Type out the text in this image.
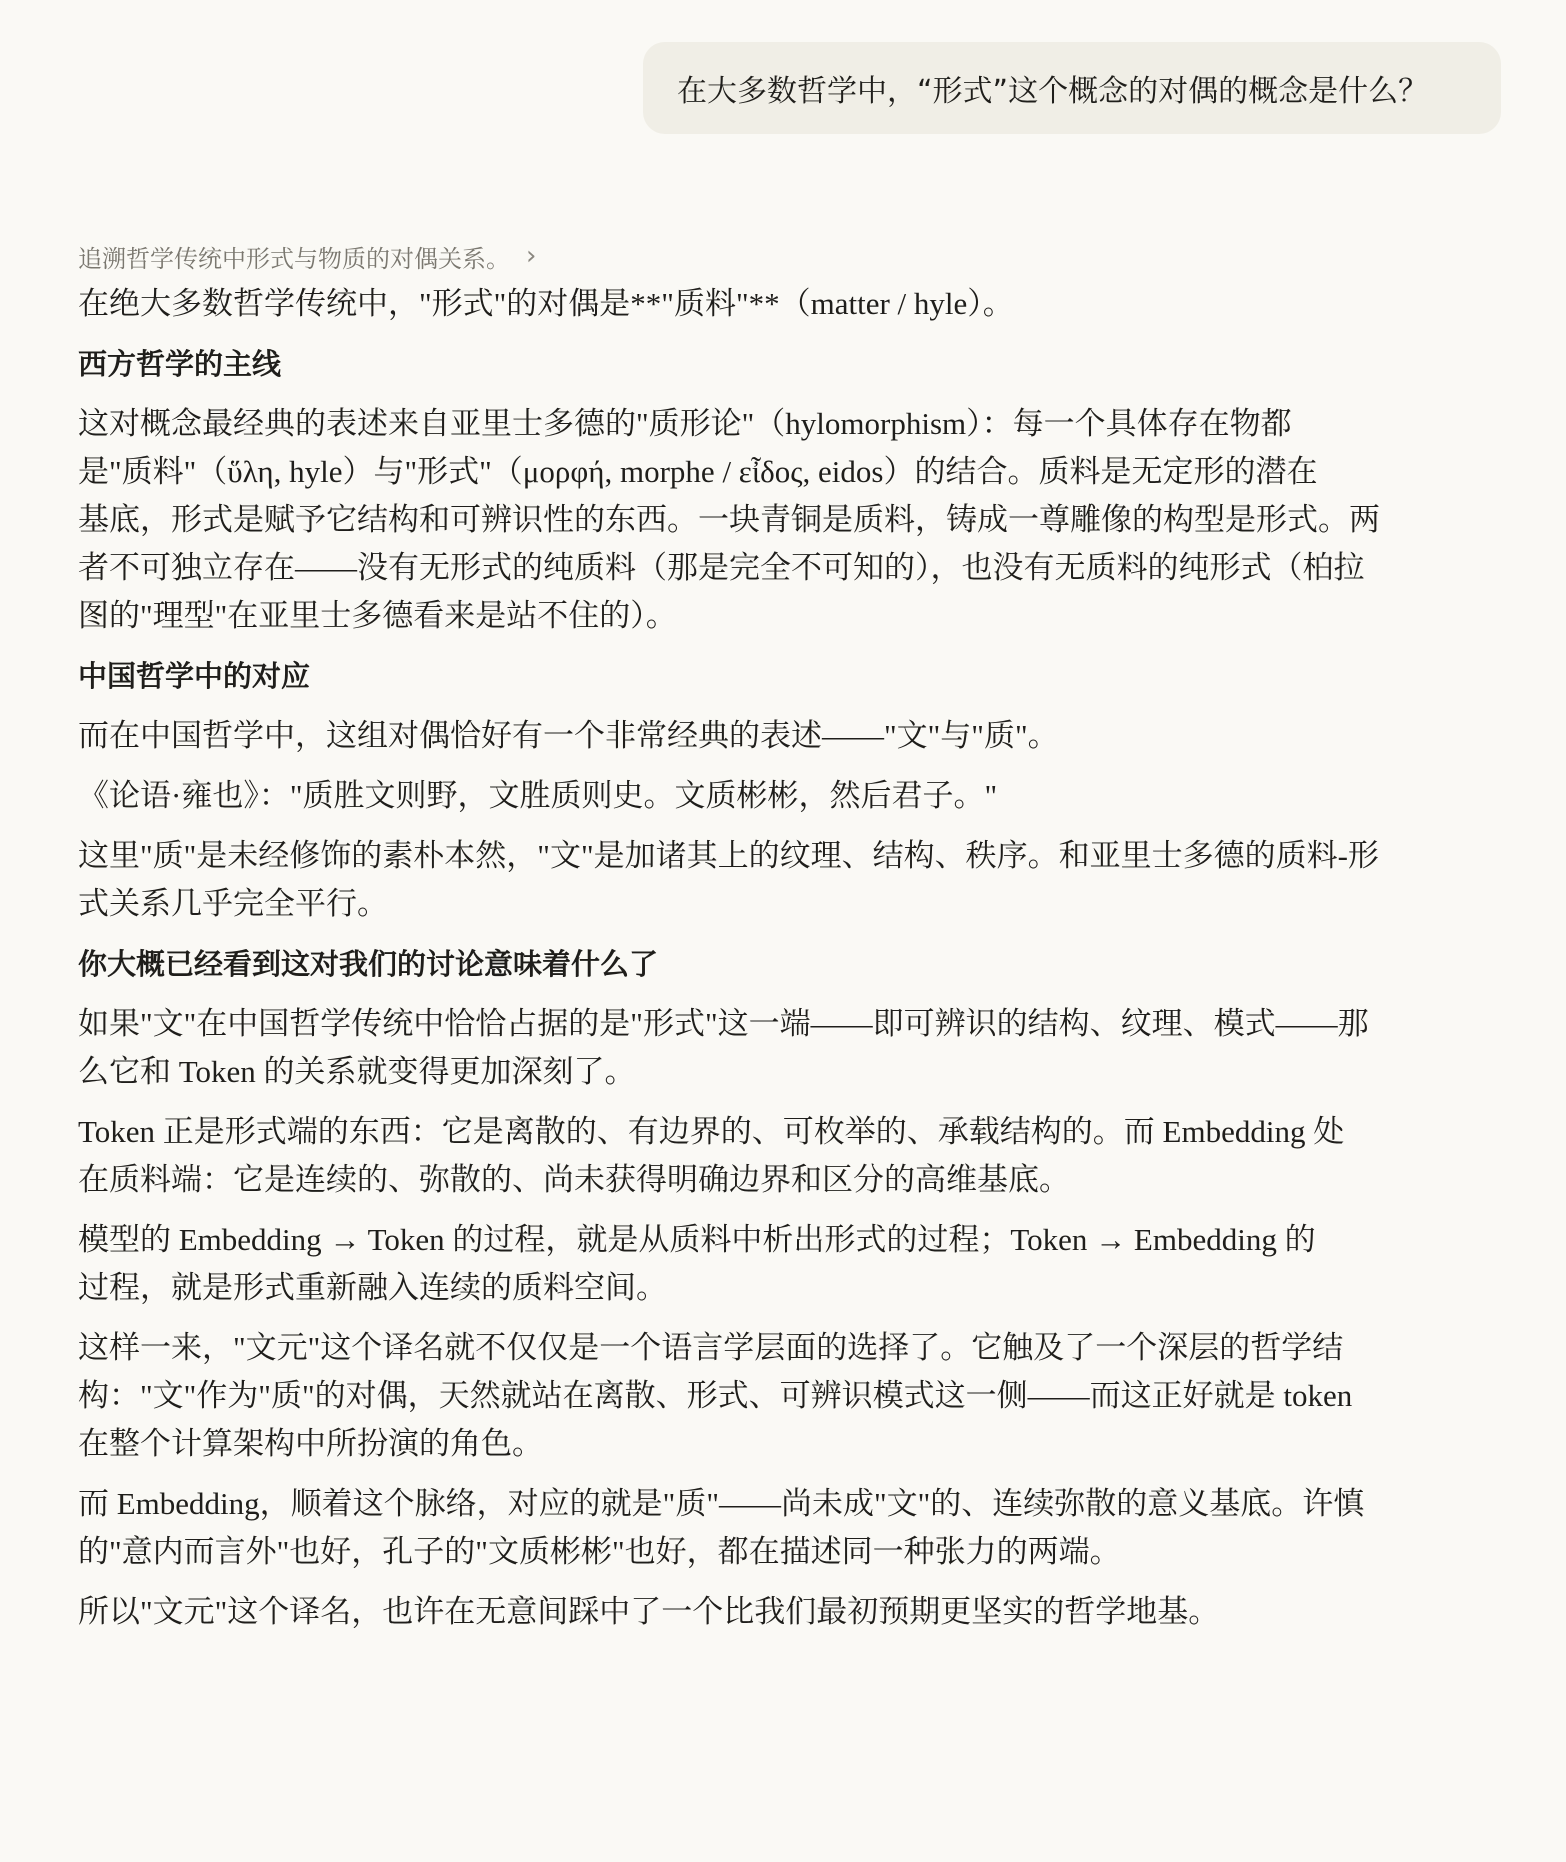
在大多数哲学中，“形式”这个概念的对偶的概念是什么？
追溯哲学传统中形式与物质的对偶关系。 ›

在绝大多数哲学传统中，"形式"的对偶是**"质料"**（matter / hyle）。

西方哲学的主线

这对概念最经典的表述来自亚里士多德的"质形论"（hylomorphism）：每一个具体存在物都
是"质料"（ὕλη, hyle）与"形式"（μορφή, morphe / εἶδος, eidos）的结合。质料是无定形的潜在
基底，形式是赋予它结构和可辨识性的东西。一块青铜是质料，铸成一尊雕像的构型是形式。两
者不可独立存在——没有无形式的纯质料（那是完全不可知的），也没有无质料的纯形式（柏拉
图的"理型"在亚里士多德看来是站不住的）。

中国哲学中的对应

而在中国哲学中，这组对偶恰好有一个非常经典的表述——"文"与"质"。

《论语·雍也》："质胜文则野，文胜质则史。文质彬彬，然后君子。"

这里"质"是未经修饰的素朴本然，"文"是加诸其上的纹理、结构、秩序。和亚里士多德的质料-形
式关系几乎完全平行。

你大概已经看到这对我们的讨论意味着什么了

如果"文"在中国哲学传统中恰恰占据的是"形式"这一端——即可辨识的结构、纹理、模式——那
么它和 Token 的关系就变得更加深刻了。

Token 正是形式端的东西：它是离散的、有边界的、可枚举的、承载结构的。而 Embedding 处
在质料端：它是连续的、弥散的、尚未获得明确边界和区分的高维基底。

模型的 Embedding → Token 的过程，就是从质料中析出形式的过程；Token → Embedding 的
过程，就是形式重新融入连续的质料空间。

这样一来，"文元"这个译名就不仅仅是一个语言学层面的选择了。它触及了一个深层的哲学结
构："文"作为"质"的对偶，天然就站在离散、形式、可辨识模式这一侧——而这正好就是 token
在整个计算架构中所扮演的角色。

而 Embedding，顺着这个脉络，对应的就是"质"——尚未成"文"的、连续弥散的意义基底。许慎
的"意内而言外"也好，孔子的"文质彬彬"也好，都在描述同一种张力的两端。

所以"文元"这个译名，也许在无意间踩中了一个比我们最初预期更坚实的哲学地基。
